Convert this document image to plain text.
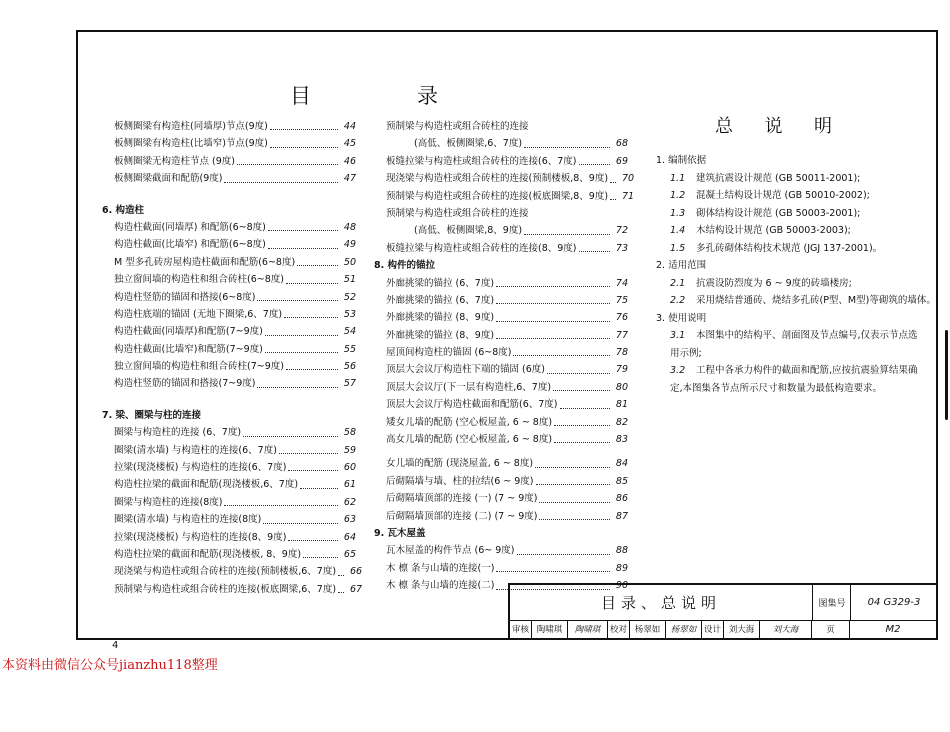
目	录
板侧圈梁有构造柱(同墙厚)节点(9度)	44
板侧圈梁有构造柱(比墙窄)节点(9度)	45
板侧圈梁无构造柱节点 (9度)	46
板侧圈梁截面和配筋(9度)	47
6. 构造柱
构造柱截面(同墙厚) 和配筋(6~8度)	48
构造柱截面(比墙窄) 和配筋(6~8度)	49
M 型多孔砖房屋构造柱截面和配筋(6~8度)	50
独立窗间墙的构造柱和组合砖柱(6~8度)	51
构造柱竖筋的锚固和搭接(6~8度)	52
构造柱底端的锚固 (无地下圈梁,6、7度)	53
构造柱截面(同墙厚)和配筋(7~9度)	54
构造柱截面(比墙窄)和配筋(7~9度)	55
独立窗间墙的构造柱和组合砖柱(7~9度)	56
构造柱竖筋的锚固和搭接(7~9度)	57
7. 梁、圈梁与柱的连接
圈梁与构造柱的连接 (6、7度)	58
圈梁(清水墙) 与构造柱的连接(6、7度)	59
拉梁(现浇楼板) 与构造柱的连接(6、7度)	60
构造柱拉梁的截面和配筋(现浇楼板,6、7度)	61
圈梁与构造柱的连接(8度)	62
圈梁(清水墙) 与构造柱的连接(8度)	63
拉梁(现浇楼板) 与构造柱的连接(8、9度)	64
构造柱拉梁的截面和配筋(现浇楼板, 8、9度)	65
现浇梁与构造柱或组合砖柱的连接(预制楼板,6、7度)	66
预制梁与构造柱或组合砖柱的连接(板底圈梁,6、7度)	67
预制梁与构造柱或组合砖柱的连接
(高低、板侧圈梁,6、7度)	68
板缝拉梁与构造柱或组合砖柱的连接(6、7度)	69
现浇梁与构造柱或组合砖柱的连接(预制楼板,8、9度)	70
预制梁与构造柱或组合砖柱的连接(板底圈梁,8、9度)	71
预制梁与构造柱或组合砖柱的连接
(高低、板侧圈梁,8、9度)	72
板缝拉梁与构造柱或组合砖柱的连接(8、9度)	73
8. 构件的锚拉
外廊挑梁的锚拉 (6、7度)	74
外廊挑梁的锚拉 (6、7度)	75
外廊挑梁的锚拉 (8、9度)	76
外廊挑梁的锚拉 (8、9度)	77
屋顶间构造柱的锚固 (6~8度)	78
顶层大会议厅构造柱下端的锚固 (6度)	79
顶层大会议厅(下一层有构造柱,6、7度)	80
顶层大会议厅构造柱截面和配筋(6、7度)	81
矮女儿墙的配筋 (空心板屋盖, 6 ~ 8度)	82
高女儿墙的配筋 (空心板屋盖, 6 ~ 8度)	83
女儿墙的配筋 (现浇屋盖, 6 ~ 8度)	84
后砌隔墙与墙、柱的拉结(6 ~ 9度)	85
后砌隔墙顶部的连接 (一) (7 ~ 9度)	86
后砌隔墙顶部的连接 (二) (7 ~ 9度)	87
9. 瓦木屋盖
瓦木屋盖的构件节点 (6~ 9度)	88
木 檩 条与山墙的连接(一)	89
木 檩 条与山墙的连接(二)	90
总 说 明
1. 编制依据
1.1 建筑抗震设计规范 (GB 50011-2001);
1.2 混凝土结构设计规范 (GB 50010-2002);
1.3 砌体结构设计规范 (GB 50003-2001);
1.4 木结构设计规范 (GB 50003-2003);
1.5 多孔砖砌体结构技术规范 (JGJ 137-2001)。
2. 适用范围
2.1 抗震设防烈度为 6 ~ 9度的砖墙楼房;
2.2 采用烧结普通砖、烧结多孔砖(P型、M型)等砌筑的墙体。
3. 使用说明
3.1 本图集中的结构平、剖面图及节点编号,仅表示节点选用示例;
3.2 工程中各承力构件的截面和配筋,应按抗震验算结果确定,本图集各节点所示尺寸和数量为最低构造要求。
目录、总说明	图集号	04 G329-3
审核 陶啸琪	陶啸琪	校对 杨翠如	杨翠如 设计 刘大海	刘大海	页	M2
4
本资料由微信公众号jianzhu118整理
